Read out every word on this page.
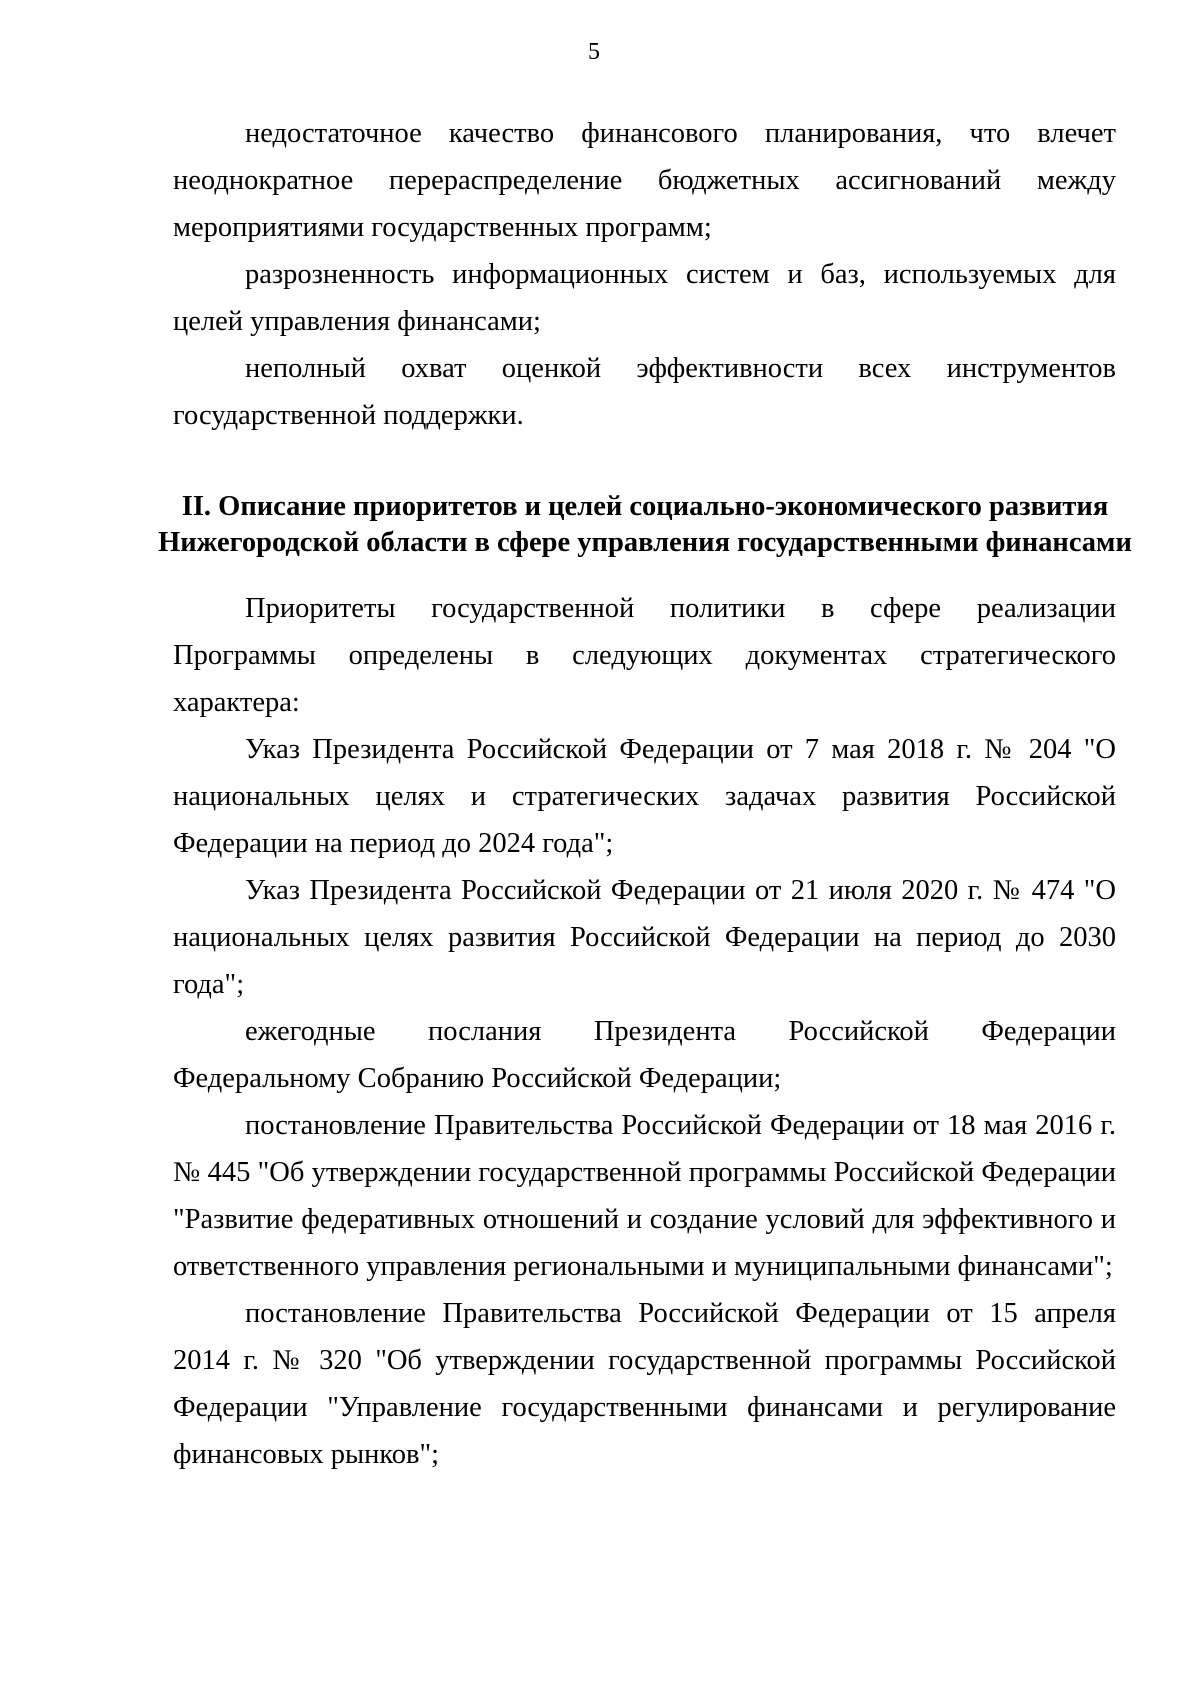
5

недостаточное качество финансового планирования, что влечет неоднократное перераспределение бюджетных ассигнований между мероприятиями государственных программ;

разрозненность информационных систем и баз, используемых для целей управления финансами;

неполный охват оценкой эффективности всех инструментов государственной поддержки.

II. Описание приоритетов и целей социально-экономического развития
Нижегородской области в сфере управления государственными финансами

Приоритеты государственной политики в сфере реализации Программы определены в следующих документах стратегического характера:

Указ Президента Российской Федерации от 7 мая 2018 г. № 204 "О национальных целях и стратегических задачах развития Российской Федерации на период до 2024 года";

Указ Президента Российской Федерации от 21 июля 2020 г. № 474 "О национальных целях развития Российской Федерации на период до 2030 года";

ежегодные послания Президента Российской Федерации Федеральному Собранию Российской Федерации;

постановление Правительства Российской Федерации от 18 мая 2016 г. № 445 "Об утверждении государственной программы Российской Федерации "Развитие федеративных отношений и создание условий для эффективного и ответственного управления региональными и муниципальными финансами";

постановление Правительства Российской Федерации от 15 апреля 2014 г. № 320 "Об утверждении государственной программы Российской Федерации "Управление государственными финансами и регулирование финансовых рынков";
